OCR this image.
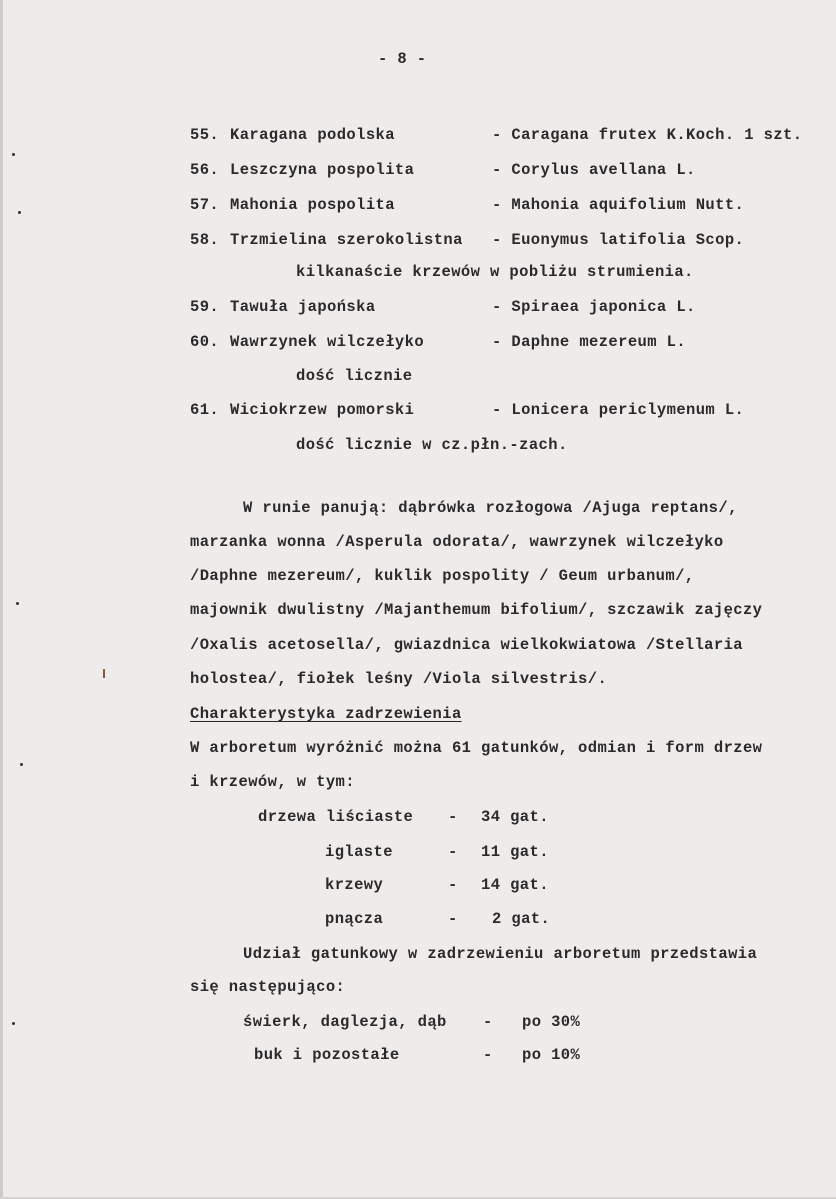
- 8 -
55. Karagana podolska	- Caragana frutex K.Koch. 1 szt.
56. Leszczyna pospolita	- Corylus avellana L.
57. Mahonia pospolita	- Mahonia aquifolium Nutt.
58. Trzmielina szerokolistna - Euonymus latifolia Scop.
kilkanaście krzewów w pobliżu strumienia.
59. Tawuła japońska	- Spiraea japonica L.
60. Wawrzynek wilczełyko	- Daphne mezereum L.
dość licznie
61. Wiciokrzew pomorski	- Lonicera periclymenum L.
dość licznie w cz.płn.-zach.
W runie panują: dąbrówka rozłogowa /Ajuga reptans/,
marzanka wonna /Asperula odorata/, wawrzynek wilczełyko
/Daphne mezereum/, kuklik pospolity / Geum urbanum/,
majownik dwulistny /Majanthemum bifolium/, szczawik zajęczy
/Oxalis acetosella/, gwiazdnica wielkokwiatowa /Stellaria
holostea/, fiołek leśny /Viola silvestris/.
Charakterystyka zadrzewienia
W arboretum wyróżnić można 61 gatunków, odmian i form drzew
i krzewów, w tym:
drzewa liściaste - 34 gat.
iglaste	- 11 gat.
krzewy	- 14 gat.
pnącza	- 2 gat.
Udział gatunkowy w zadrzewieniu arboretum przedstawia
się następująco:
świerk, daglezja, dąb - po 30%
buk i pozostałe	- po 10%
